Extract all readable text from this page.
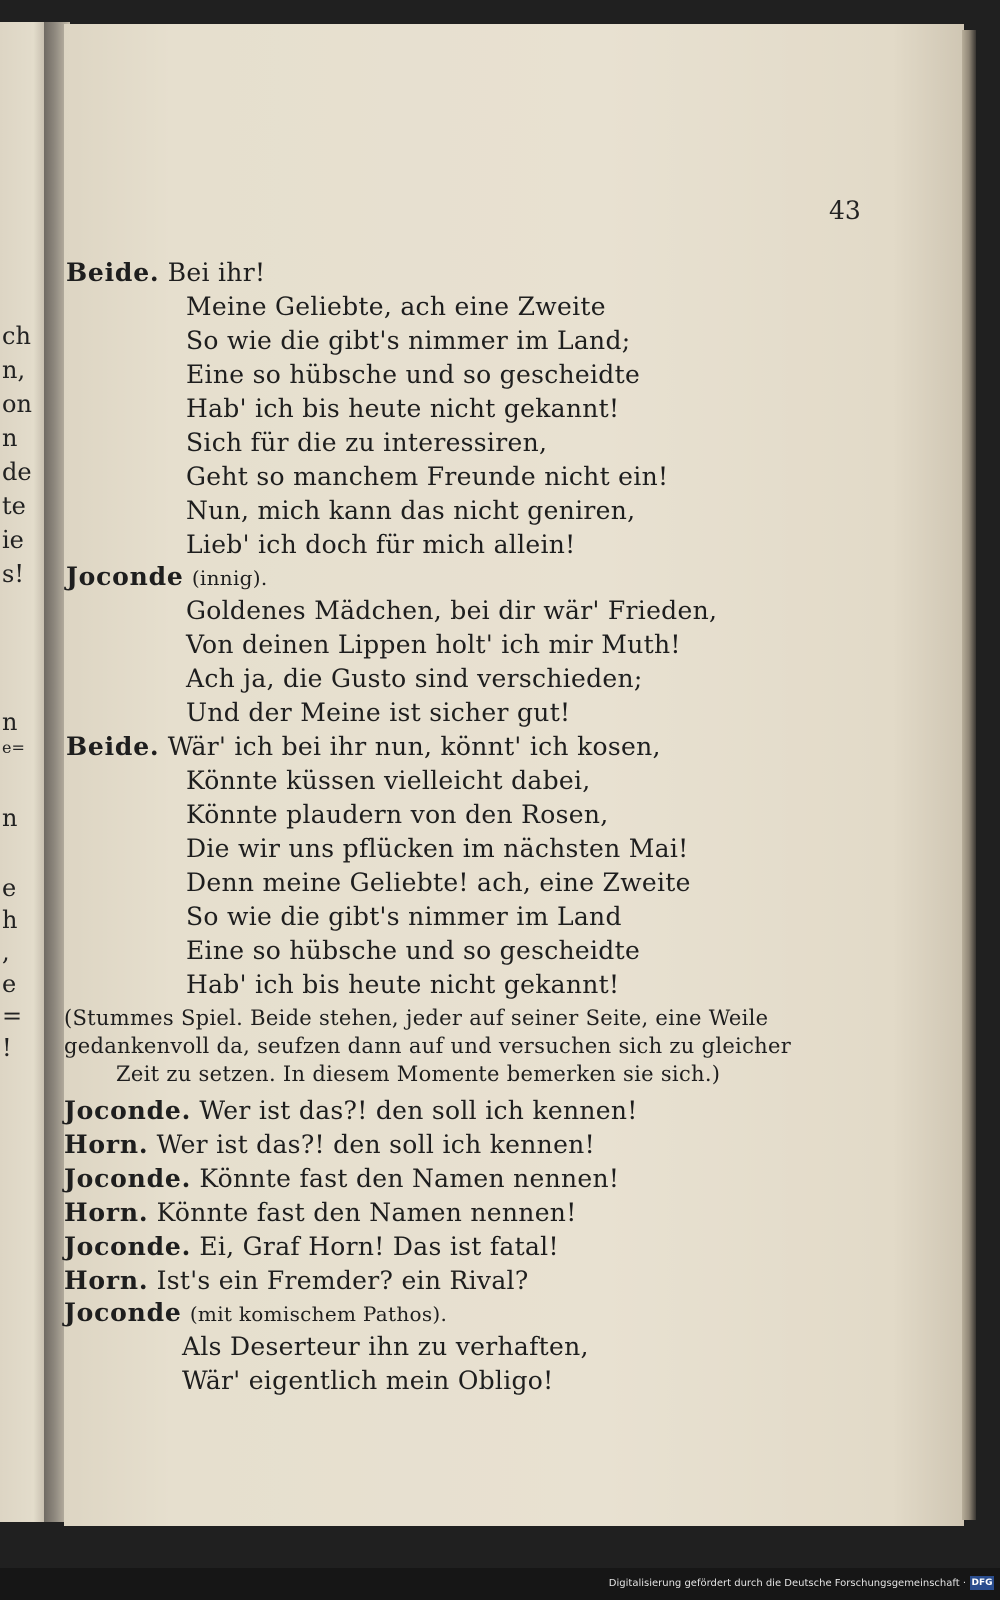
ch
n,
on
n
de
te
ie
s!
n
e=
n
e
h
,
e
=
!
43
Beide. Bei ihr!
Meine Geliebte, ach eine Zweite
So wie die gibt's nimmer im Land;
Eine so hübsche und so gescheidte
Hab' ich bis heute nicht gekannt!
Sich für die zu interessiren,
Geht so manchem Freunde nicht ein!
Nun, mich kann das nicht geniren,
Lieb' ich doch für mich allein!
Joconde (innig).
Goldenes Mädchen, bei dir wär' Frieden,
Von deinen Lippen holt' ich mir Muth!
Ach ja, die Gusto sind verschieden;
Und der Meine ist sicher gut!
Beide. Wär' ich bei ihr nun, könnt' ich kosen,
Könnte küssen vielleicht dabei,
Könnte plaudern von den Rosen,
Die wir uns pflücken im nächsten Mai!
Denn meine Geliebte! ach, eine Zweite
So wie die gibt's nimmer im Land
Eine so hübsche und so gescheidte
Hab' ich bis heute nicht gekannt!
(Stummes Spiel. Beide stehen, jeder auf seiner Seite, eine Weile
gedankenvoll da, seufzen dann auf und versuchen sich zu gleicher
Zeit zu setzen. In diesem Momente bemerken sie sich.)
Joconde. Wer ist das?! den soll ich kennen!
Horn. Wer ist das?! den soll ich kennen!
Joconde. Könnte fast den Namen nennen!
Horn. Könnte fast den Namen nennen!
Joconde. Ei, Graf Horn! Das ist fatal!
Horn. Ist's ein Fremder? ein Rival?
Joconde (mit komischem Pathos).
Als Deserteur ihn zu verhaften,
Wär' eigentlich mein Obligo!
Digitalisierung gefördert durch die Deutsche Forschungsgemeinschaft · DFG
